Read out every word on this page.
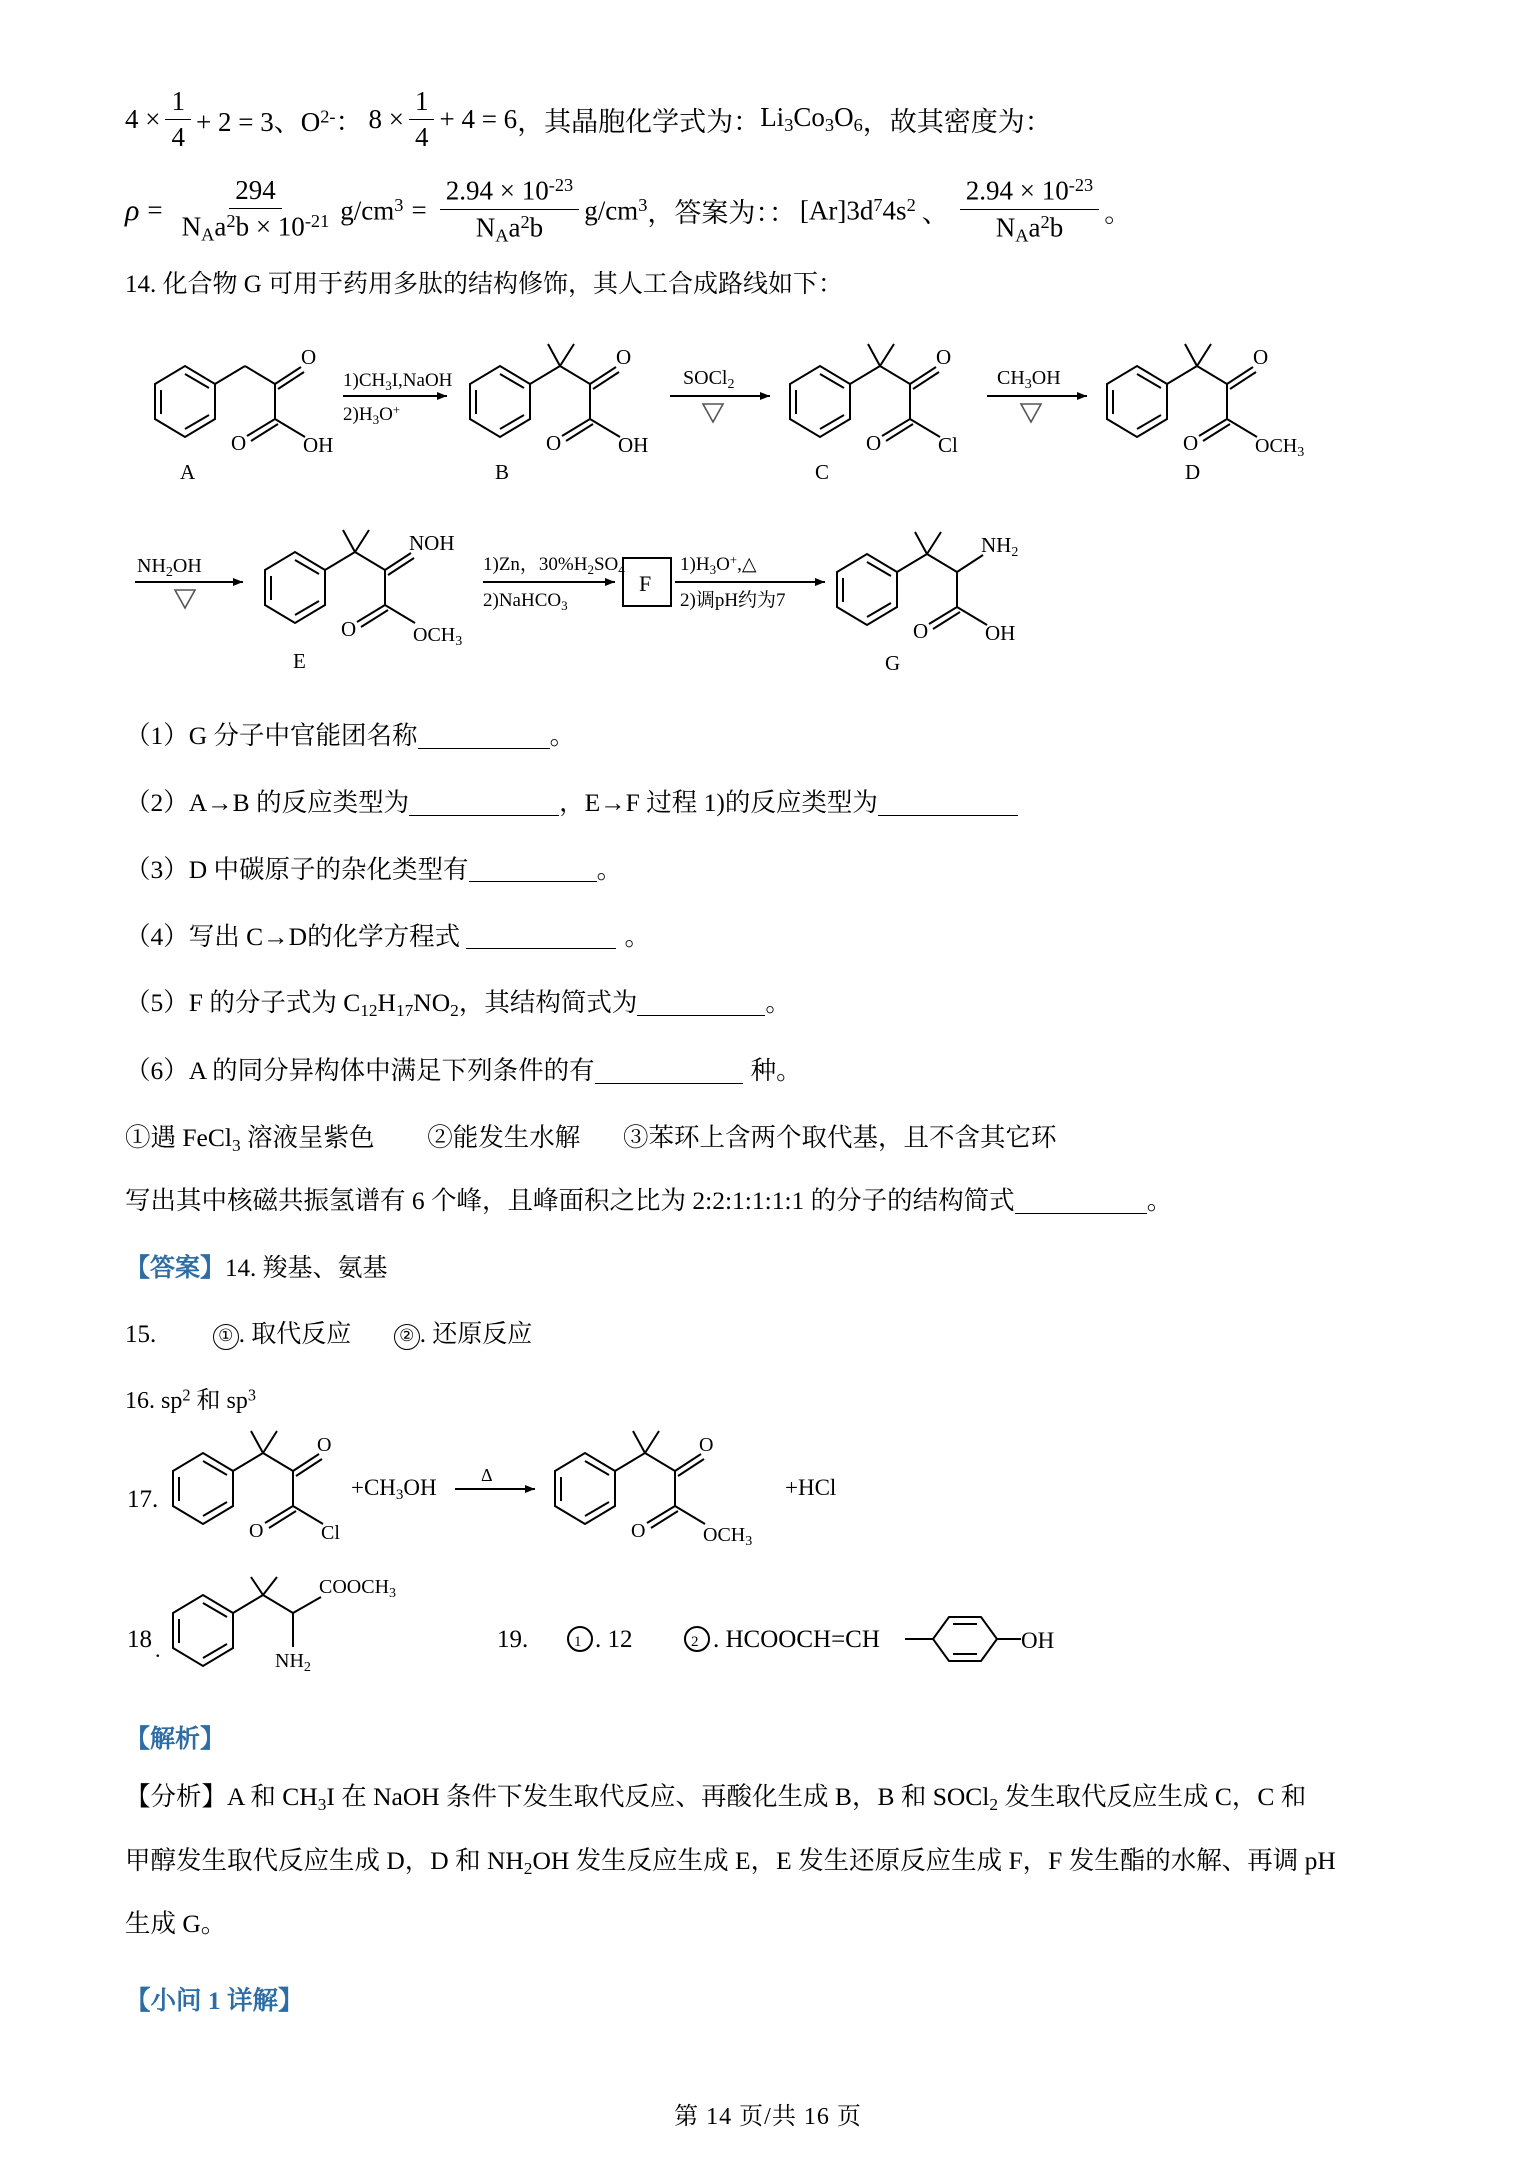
$4 \times \frac{1}{4} + 2 = 3$、$O^{2-}$： $8 \times \frac{1}{4} + 4 = 6$ ，其晶胞化学式为： $Li_3Co_3O_6$ ，故其密度为：
$\rho = \frac{294}{N_Aa^2b \times 10^{-21}} g/cm^3 = \frac{2.94 \times 10^{-23}}{N_Aa^2b} g/cm^3$ ，答案为：： $[Ar]3d^74s^2$ 、 $\frac{2.94 \times 10^{-23}}{N_Aa^2b}$ 。
14. 化合物 G 可用于药用多肽的结构修饰，其人工合成路线如下：
O
O	OH
A
$1)CH_3I,NaOH$
$2)H_3O^+$
O
O	OH
B
SOCl$_2$
O
O	Cl
C
$CH_3OH$
O
O	$OCH_3$
D
$NH_2OH$
NOH
O	$OCH_3$
E
1)Zn，$30\%H_2SO_4$
2)NaHCO$_3$
F
$1)H_3O^+,\triangle$
2)调pH约为7
NH2
O	OH
G
（1）G 分子中官能团名称	。
（2）A→B 的反应类型为	，E→F 过程 1)的反应类型为
（3）D 中碳原子的杂化类型有	。
（4）写出 C→D的化学方程式	。
（5）F 的分子式为 $C_{12}H_{17}NO_2$，其结构简式为	。
（6）A 的同分异构体中满足下列条件的有	种。
①遇 FeCl$_3$ 溶液呈紫色 ②能发生水解 ③苯环上含两个取代基，且不含其它环
写出其中核磁共振氢谱有 6 个峰，且峰面积之比为 2:2:1:1:1:1 的分子的结构简式	。
【答案】14. 羧基、氨基
15.	① . 取代反应	② . 还原反应
16. $sp^2$ 和 $sp^3$
17.
O
O	Cl
+CH3OH Δ
O
O	$OCH_3$
+HCl
18 .
$COOCH_3$
$NH_2$
19.	1 . 12	2 . HCOOCH=CH	OH
【解析】
【分析】A 和 $CH_3I$ 在 NaOH 条件下发生取代反应、再酸化生成 B，B 和 SOCl$_2$ 发生取代反应生成 C，C 和
甲醇发生取代反应生成 D，D 和 $NH_2OH$ 发生反应生成 E，E 发生还原反应生成 F，F 发生酯的水解、再调 pH
生成 G。
【小问 1 详解】
第 14 页/共 16 页
